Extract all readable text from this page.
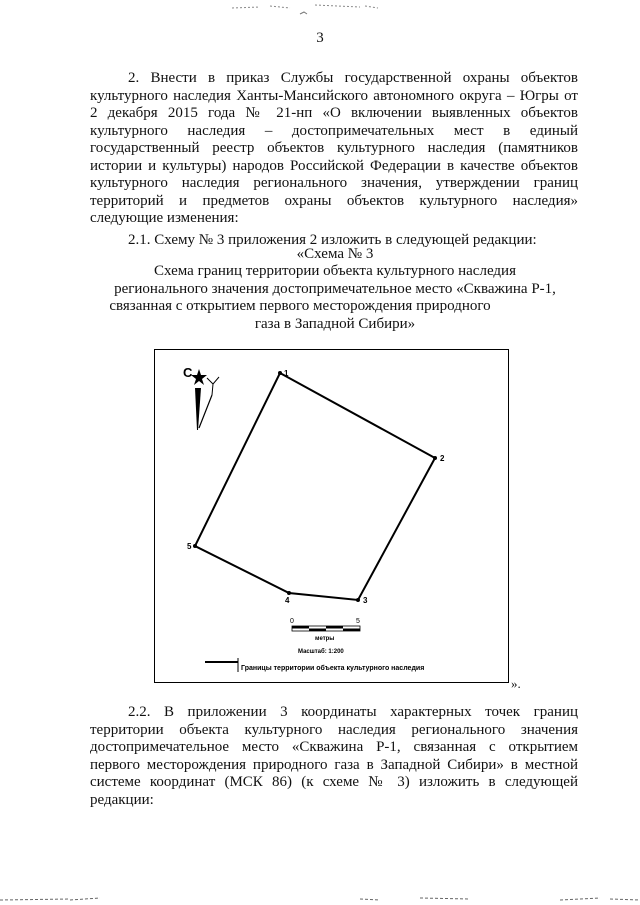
3
2. Внести в приказ Службы государственной охраны объектов
культурного наследия Ханты-Мансийского автономного округа – Югры от
2 декабря 2015 года № 21-нп «О включении выявленных объектов
культурного наследия – достопримечательных мест в единый
государственный реестр объектов культурного наследия (памятников
истории и культуры) народов Российской Федерации в качестве объектов
культурного наследия регионального значения, утверждении границ
территорий и предметов охраны объектов культурного наследия»
следующие изменения:
2.1. Схему № 3 приложения 2 изложить в следующей редакции:
«Схема № 3
Схема границ территории объекта культурного наследия
регионального значения достопримечательное место «Скважина Р-1,
связанная с открытием первого месторождения природного
газа в Западной Сибири»
С	1
2
3
4
5
0	5
метры
Масштаб: 1:200
Границы территории объекта культурного наследия
».
2.2. В приложении 3 координаты характерных точек границ
территории объекта культурного наследия регионального значения
достопримечательное место «Скважина Р-1, связанная с открытием
первого месторождения природного газа в Западной Сибири» в местной
системе координат (МСК 86) (к схеме № 3) изложить в следующей
редакции:
